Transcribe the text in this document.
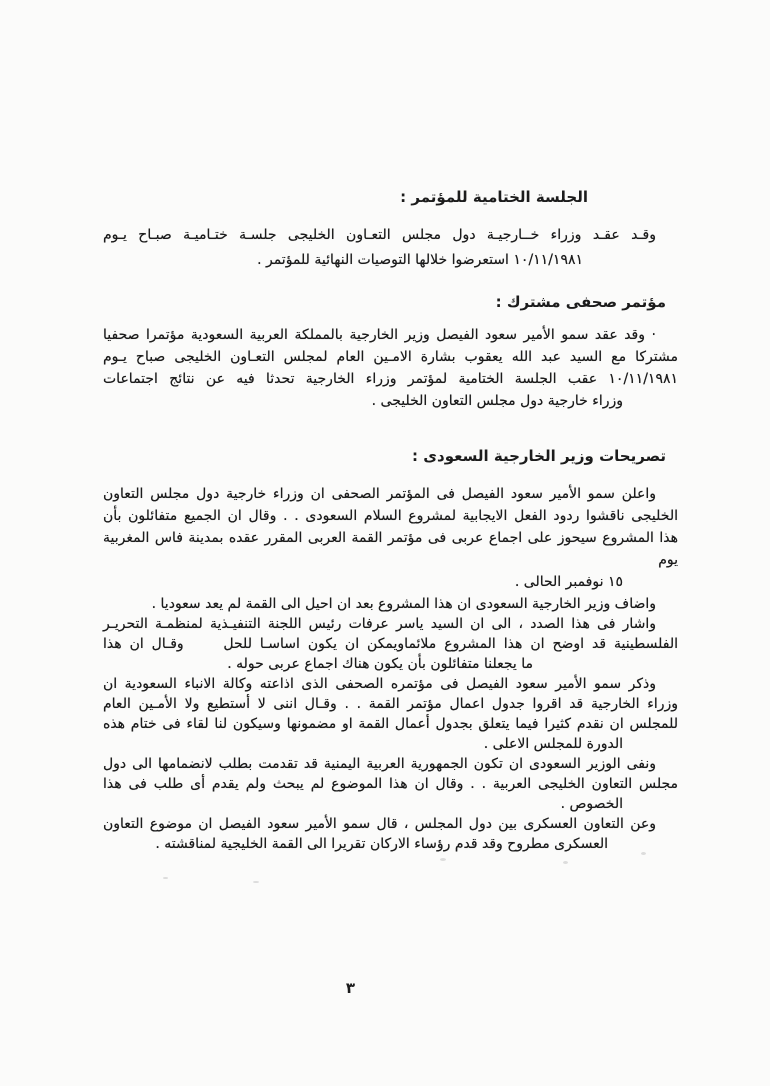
الجلسة الختامية للمؤتمر :
وقـد عقـد وزراء خــارجيـة دول مجلس التعـاون الخليجى جلسـة ختـاميـة صبـاح يـوم
١٠/١١/١٩٨١ استعرضوا خلالها التوصيات النهائية للمؤتمر .
مؤتمر صحفى مشترك :
· وقد عقد سمو الأمير سعود الفيصل وزير الخارجية بالمملكة العربية السعودية مؤتمرا صحفيا
مشتركا مع السيد عبد الله يعقوب بشارة الامـين العام لمجلس التعـاون الخليجى صباح يـوم
١٠/١١/١٩٨١ عقب الجلسة الختامية لمؤتمر وزراء الخارجية تحدثا فيه عن نتائج اجتماعات
وزراء خارجية دول مجلس التعاون الخليجى .
تصريحات وزير الخارجية السعودى :
واعلن سمو الأمير سعود الفيصل فى المؤتمر الصحفى ان وزراء خارجية دول مجلس التعاون
الخليجى ناقشوا ردود الفعل الايجابية لمشروع السلام السعودى . . وقال ان الجميع متفائلون بأن
هذا المشروع سيحوز على اجماع عربى فى مؤتمر القمة العربى المقرر عقده بمدينة فاس المغربية يوم
١٥ نوفمبر الحالى .
واضاف وزير الخارجية السعودى ان هذا المشروع بعد ان احيل الى القمة لم يعد سعوديا .
واشار فى هذا الصدد ، الى ان السيد ياسر عرفات رئيس اللجنة التنفيـذية لمنظمـة التحريـر
الفلسطينية قد اوضح ان هذا المشروع ملائماويمكن ان يكون اساسـا للحل     وقـال ان هذا
ما يجعلنا متفائلون بأن يكون هناك اجماع عربى حوله .
وذكر سمو الأمير سعود الفيصل فى مؤتمره الصحفى الذى اذاعته وكالة الانباء السعودية ان
وزراء الخارجية قد اقروا جدول اعمال مؤتمر القمة . . وقـال اننى لا أستطيع ولا الأمـين العام
للمجلس ان نقدم كثيرا فيما يتعلق بجدول أعمال القمة او مضمونها وسيكون لنا لقاء فى ختام هذه
الدورة للمجلس الاعلى .
ونفى الوزير السعودى ان تكون الجمهورية العربية اليمنية قد تقدمت بطلب لانضمامها الى دول
مجلس التعاون الخليجى العربية . . وقال ان هذا الموضوع لم يبحث ولم يقدم أى طلب فى هذا
الخصوص .
وعن التعاون العسكرى بين دول المجلس ، قال سمو الأمير سعود الفيصل ان موضوع التعاون
العسكرى مطروح وقد قدم رؤساء الاركان تقريرا الى القمة الخليجية لمناقشته .
٣
